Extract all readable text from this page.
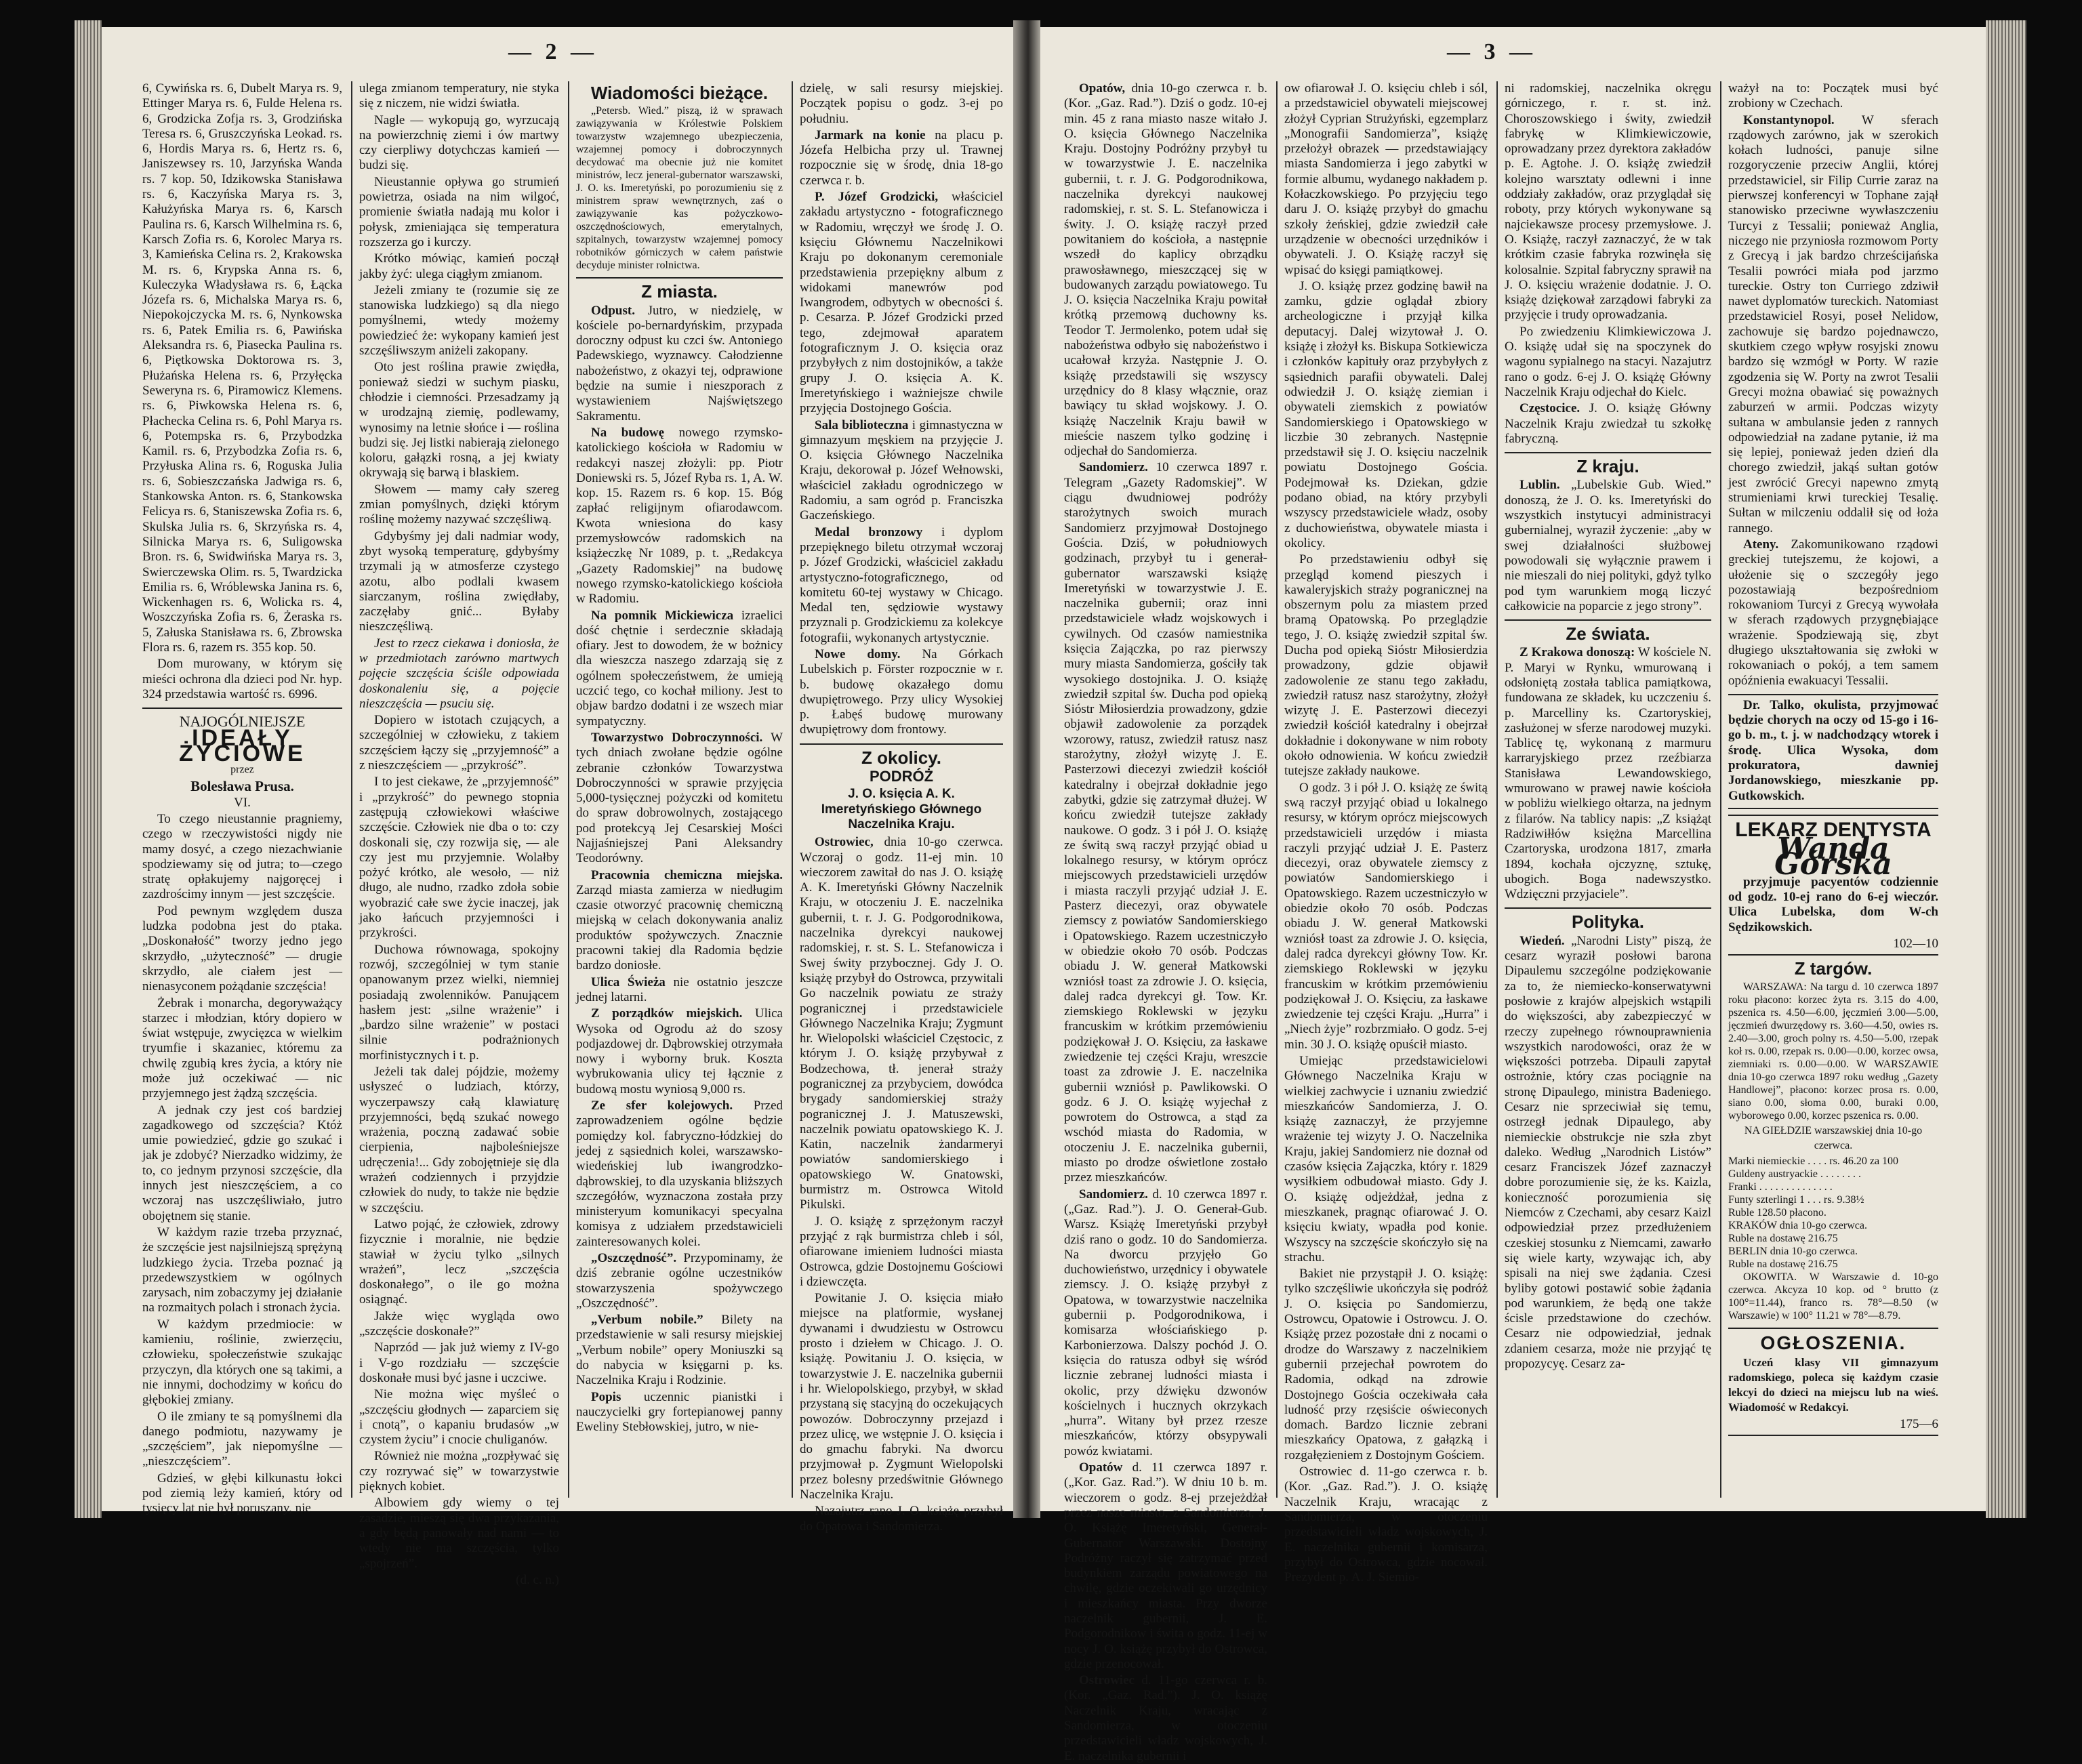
— 2 —

6, Cywińska rs. 6, Dubelt Marya rs. 9, Ettinger Marya rs. 6, Fulde Helena rs. 6, Grodzicka Zofja rs. 3, Grodzińska Teresa rs. 6, Gruszczyńska Leokad. rs. 6, Hordis Marya rs. 6, Hertz rs. 6, Janiszewsey rs. 10, Jarzyńska Wanda rs. 7 kop. 50, Idzikowska Stanisława rs. 6, Kaczyńska Marya rs. 3, Kałużyńska Marya rs. 6, Karsch Paulina rs. 6, Karsch Wilhelmina rs. 6, Karsch Zofia rs. 6, Korolec Marya rs. 3, Kamieńska Celina rs. 2, Krakowska M. rs. 6, Krypska Anna rs. 6, Kuleczyka Władysława rs. 6, Łącka Józefa rs. 6, Michalska Marya rs. 6, Niepokojczycka M. rs. 6, Nynkowska rs. 6, Patek Emilia rs. 6, Pawińska Aleksandra rs. 6, Piasecka Paulina rs. 6, Piętkowska Doktorowa rs. 3, Płużańska Helena rs. 6, Przyłęcka Seweryna rs. 6, Piramowicz Klemens. rs. 6, Piwkowska Helena rs. 6, Płachecka Celina rs. 6, Pohl Marya rs. 6, Potempska rs. 6, Przybodzka Kamil. rs. 6, Przybodzka Zofia rs. 6, Przyłuska Alina rs. 6, Roguska Julia rs. 6, Sobieszczańska Jadwiga rs. 6, Stankowska Anton. rs. 6, Stankowska Felicya rs. 6, Staniszewska Zofia rs. 6, Skulska Julia rs. 6, Skrzyńska rs. 4, Silnicka Marya rs. 6, Suligowska Bron. rs. 6, Swidwińska Marya rs. 3, Swierczewska Olim. rs. 5, Twardzicka Emilia rs. 6, Wróblewska Janina rs. 6, Wickenhagen rs. 6, Wolicka rs. 4, Woszczyńska Zofia rs. 6, Żeraska rs. 5, Załuska Stanisława rs. 6, Zbrowska Flora rs. 6, razem rs. 355 kop. 50.

Dom murowany, w którym się mieści ochrona dla dzieci pod Nr. hyp. 324 przedstawia wartość rs. 6996.

NAJOGÓLNIEJSZE
IDEAŁY ŻYCIOWE
przez
Bolesława Prusa.
VI.

To czego nieustannie pragniemy, czego w rzeczywistości nigdy nie mamy dosyć, a czego niezachwianie spodziewamy się od jutra; to—czego stratę opłakujemy najgoręcej i zazdrościmy innym — jest szczęście.

Pod pewnym względem dusza ludzka podobna jest do ptaka. „Doskonałość” tworzy jedno jego skrzydło, „użyteczność” — drugie skrzydło, ale ciałem jest — nienasyconem pożądanie szczęścia!

Żebrak i monarcha, degoryważący starzec i młodzian, który dopiero w świat wstępuje, zwycięzca w wielkim tryumfie i skazaniec, któremu za chwilę zgubią kres życia, a który nie może już oczekiwać — nic przyjemnego jest żądzą szczęścia.

A jednak czy jest coś bardziej zagadkowego od szczęścia? Któż umie powiedzieć, gdzie go szukać i jak je zdobyć? Nierzadko widzimy, że to, co jednym przynosi szczęście, dla innych jest nieszczęściem, a co wczoraj nas uszczęśliwiało, jutro obojętnem się stanie.

W każdym razie trzeba przyznać, że szczęście jest najsilniejszą sprężyną ludzkiego życia. Trzeba poznać ją przedewszystkiem w ogólnych zarysach, nim zobaczymy jej działanie na rozmaitych polach i stronach życia.

W każdym przedmiocie: w kamieniu, roślinie, zwierzęciu, człowieku, społeczeństwie szukając przyczyn, dla których one są takimi, a nie innymi, dochodzimy w końcu do głębokiej zmiany.

O ile zmiany te są pomyślnemi dla danego podmiotu, nazywamy je „szczęściem”, jak niepomyślne — „nieszczęściem”.

Gdzieś, w głębi kilkunastu łokci pod ziemią leży kamień, który od tysięcy lat nie był poruszany, nie

ulega zmianom temperatury, nie styka się z niczem, nie widzi światła.

Nagle — wykopują go, wyrzucają na powierzchnię ziemi i ów martwy czy cierpliwy dotychczas kamień — budzi się.

Nieustannie opływa go strumień powietrza, osiada na nim wilgoć, promienie światła nadają mu kolor i połysk, zmieniająca się temperatura rozszerza go i kurczy.

Krótko mówiąc, kamień począł jakby żyć: ulega ciągłym zmianom.

Jeżeli zmiany te (rozumie się ze stanowiska ludzkiego) są dla niego pomyślnemi, wtedy możemy powiedzieć że: wykopany kamień jest szczęśliwszym aniżeli zakopany.

Oto jest roślina prawie zwiędła, ponieważ siedzi w suchym piasku, chłodzie i ciemności. Przesadzamy ją w urodzajną ziemię, podlewamy, wynosimy na letnie słońce i — roślina budzi się. Jej listki nabierają zielonego koloru, gałązki rosną, a jej kwiaty okrywają się barwą i blaskiem.

Słowem — mamy cały szereg zmian pomyślnych, dzięki którym roślinę możemy nazywać szczęśliwą.

Gdybyśmy jej dali nadmiar wody, zbyt wysoką temperaturę, gdybyśmy trzymali ją w atmosferze czystego azotu, albo podlali kwasem siarczanym, roślina zwiędłaby, zaczęłaby gnić... Byłaby nieszczęśliwą.

Jest to rzecz ciekawa i doniosła, że w przedmiotach zarówno martwych pojęcie szczęścia ściśle odpowiada doskonaleniu się, a pojęcie nieszczęścia — psuciu się.

Dopiero w istotach czujących, a szczególniej w człowieku, z takiem szczęściem łączy się „przyjemność” a z nieszczęściem — „przykrość”.

I to jest ciekawe, że „przyjemność” i „przykrość” do pewnego stopnia zastępują człowiekowi właściwe szczęście. Człowiek nie dba o to: czy doskonali się, czy rozwija się, — ale czy jest mu przyjemnie. Wolałby pożyć krótko, ale wesoło, — niż długo, ale nudno, rzadko zdoła sobie wyobrazić całe swe życie inaczej, jak jako łańcuch przyjemności i przykrości.

Duchowa równowaga, spokojny rozwój, szczególniej w tym stanie opanowanym przez wielki, niemniej posiadają zwolenników. Panującem hasłem jest: „silne wrażenie” i „bardzo silne wrażenie” w postaci silnie podrażnionych morfinistycznych i t. p.

Jeżeli tak dalej pójdzie, możemy usłyszeć o ludziach, którzy, wyczerpawszy całą klawiaturę przyjemności, będą szukać nowego wrażenia, poczną zadawać sobie cierpienia, najboleśniejsze udręczenia!... Gdy zobojętnieje się dla wrażeń codziennych i przyjdzie człowiek do nudy, to także nie będzie w szczęściu.

Latwo pojąć, że człowiek, zdrowy fizycznie i moralnie, nie będzie stawiał w życiu tylko „silnych wrażeń”, lecz „szczęścia doskonałego”, o ile go można osiągnąć.

Jakże więc wygląda owo „szczęście doskonałe?”

Naprzód — jak już wiemy z IV-go i V-go rozdziału — szczęście doskonałe musi być jasne i uczciwe.

Nie można więc myśleć o „szczęściu głodnych — zaparciem się i cnotą”, o kapaniu brudasów „w czystem życiu” i cnocie chuliganów.

Również nie można „rozpływać się czy rozrywać się” w towarzystwie pięknych kobiet.

Albowiem gdy wiemy o tej zasadzie, mieszą się dwa przykazania, a gdy będą panowały nad nami — to wtedy nie ma szczęścia, tylko „spojrzeń”.

(d. c. n.)

Wiadomości bieżące.

„Petersb. Wied.” piszą, iż w sprawach zawiązywania w Królestwie Polskiem towarzystw wzajemnego ubezpieczenia, wzajemnej pomocy i dobroczynnych decydować ma obecnie już nie komitet ministrów, lecz jeneral-gubernator warszawski, J. O. ks. Imeretyński, po porozumieniu się z ministrem spraw wewnętrznych, zaś o zawiązywanie kas pożyczkowo-oszczędnościowych, emerytalnych, szpitalnych, towarzystw wzajemnej pomocy robotników górniczych w całem państwie decyduje minister rolnictwa.

Z miasta.

Odpust. Jutro, w niedzielę, w kościele po-bernardyńskim, przypada doroczny odpust ku czci św. Antoniego Padewskiego, wyznawcy. Całodzienne nabożeństwo, z okazyi tej, odprawione będzie na sumie i nieszporach z wystawieniem Najświętszego Sakramentu.

Na budowę nowego rzymsko-katolickiego kościoła w Radomiu w redakcyi naszej złożyli: pp. Piotr Doniewski rs. 5, Józef Ryba rs. 1, A. W. kop. 15. Razem rs. 6 kop. 15. Bóg zapłać religijnym ofiarodawcom. Kwota wniesiona do kasy przemysłowców radomskich na książeczkę Nr 1089, p. t. „Redakcya „Gazety Radomskiej” na budowę nowego rzymsko-katolickiego kościoła w Radomiu.

Na pomnik Mickiewicza izraelici dość chętnie i serdecznie składają ofiary. Jest to dowodem, że w bożnicy dla wieszcza naszego zdarzają się z ogólnem społeczeństwem, że umieją uczcić tego, co kochał miliony. Jest to objaw bardzo dodatni i ze wszech miar sympatyczny.

Towarzystwo Dobroczynności. W tych dniach zwołane będzie ogólne zebranie członków Towarzystwa Dobroczynności w sprawie przyjęcia 5,000-tysięcznej pożyczki od komitetu do spraw dobrowolnych, zostającego pod protekcyą Jej Cesarskiej Mości Najjaśniejszej Pani Aleksandry Teodorówny.

Pracownia chemiczna miejska. Zarząd miasta zamierza w niedługim czasie otworzyć pracownię chemiczną miejską w celach dokonywania analiz produktów spożywczych. Znacznie pracowni takiej dla Radomia będzie bardzo doniosłe.

Ulica Świeża nie ostatnio jeszcze jednej latarni.

Z porządków miejskich. Ulica Wysoka od Ogrodu aż do szosy podjazdowej dr. Dąbrowskiej otrzymała nowy i wyborny bruk. Koszta wybrukowania ulicy tej łącznie z budową mostu wyniosą 9,000 rs.

Ze sfer kolejowych. Przed zaprowadzeniem ogólne będzie pomiędzy kol. fabryczno-łódzkiej do jedej z sąsiednich kolei, warszawsko-wiedeńskiej lub iwangrodzko-dąbrowskiej, to dla uzyskania bliższych szczegółów, wyznaczona została przy ministeryum komunikacyi specyalna komisya z udziałem przedstawicieli zainteresowanych kolei.

„Oszczędność”. Przypominamy, że dziś zebranie ogólne uczestników stowarzyszenia spożywczego „Oszczędność”.

„Verbum nobile.” Bilety na przedstawienie w sali resursy miejskiej „Verbum nobile” opery Moniuszki są do nabycia w księgarni p. ks. Naczelnika Kraju i Rodzinie.

Popis uczennic pianistki i nauczycielki gry fortepianowej panny Eweliny Stebłowskiej, jutro, w nie-

dzielę, w sali resursy miejskiej. Początek popisu o godz. 3-ej po południu.

Jarmark na konie na placu p. Józefa Helbicha przy ul. Trawnej rozpocznie się w środę, dnia 18-go czerwca r. b.

P. Józef Grodzicki, właściciel zakładu artystyczno - fotograficznego w Radomiu, wręczył we środę J. O. księciu Głównemu Naczelnikowi Kraju po dokonanym ceremoniale przedstawienia przepiękny album z widokami manewrów pod Iwangrodem, odbytych w obecności ś. p. Cesarza. P. Józef Grodzicki przed tego, zdejmował aparatem fotograficznym J. O. księcia oraz przybyłych z nim dostojników, a także grupy J. O. księcia A. K. Imeretyńskiego i ważniejsze chwile przyjęcia Dostojnego Gościa.

Sala biblioteczna i gimnastyczna w gimnazyum męskiem na przyjęcie J. O. księcia Głównego Naczelnika Kraju, dekorował p. Józef Wełnowski, właściciel zakładu ogrodniczego w Radomiu, a sam ogród p. Franciszka Gaczeńskiego.

Medal bronzowy i dyplom przepięknego biletu otrzymał wczoraj p. Józef Grodzicki, właściciel zakładu artystyczno-fotograficznego, od komitetu 60-tej wystawy w Chicago. Medal ten, sędziowie wystawy przyznali p. Grodzickiemu za kolekcye fotografii, wykonanych artystycznie.

Nowe domy. Na Górkach Lubelskich p. Förster rozpocznie w r. b. budowę okazałego domu dwupiętrowego. Przy ulicy Wysokiej p. Łabęś budowę murowany dwupiętrowy dom frontowy.

Z okolicy.
PODRÓŻ
J. O. księcia A. K. Imeretyńskiego Głównego Naczelnika Kraju.

Ostrowiec, dnia 10-go czerwca. Wczoraj o godz. 11-ej min. 10 wieczorem zawitał do nas J. O. książę A. K. Imeretyński Główny Naczelnik Kraju, w otoczeniu J. E. naczelnika gubernii, t. r. J. G. Podgorodnikowa, naczelnika dyrekcyi naukowej radomskiej, r. st. S. L. Stefanowicza i Swej świty przybocznej. Gdy J. O. książę przybył do Ostrowca, przywitali Go naczelnik powiatu ze straży pogranicznej i przedstawiciele Głównego Naczelnika Kraju; Zygmunt hr. Wielopolski właściciel Częstocic, z którym J. O. książę przybywał z Bodzechowa, tł. jenerał straży pogranicznej za przybyciem, dowódca brygady sandomierskiej straży pogranicznej J. J. Matuszewski, naczelnik powiatu opatowskiego K. J. Katin, naczelnik żandarmeryi powiatów sandomierskiego i opatowskiego W. Gnatowski, burmistrz m. Ostrowca Witold Pikulski.

J. O. książę z sprzężonym raczył przyjąć z rąk burmistrza chleb i sól, ofiarowane imieniem ludności miasta Ostrowca, gdzie Dostojnemu Gościowi i dziewczęta.

Powitanie J. O. księcia miało miejsce na platformie, wysłanej dywanami i dwudziestu w Ostrowcu prosto i dziełem w Chicago. J. O. książę. Powitaniu J. O. księcia, w towarzystwie J. E. naczelnika gubernii i hr. Wielopolskiego, przybył, w skład przystaną się stacyjną do oczekujących powozów. Dobroczynny przejazd i przez ulicę, we wstępnie J. O. księcia i do gmachu fabryki. Na dworcu przyjmował p. Zygmunt Wielopolski przez bolesny przedświtnie Głównego Naczelnika Kraju.

Nazajutrz rano J. O. książę przybył do Opatowa i Sandomierza.

— 3 —

Opatów, dnia 10-go czerwca r. b. (Kor. „Gaz. Rad.”). Dziś o godz. 10-ej min. 45 z rana miasto nasze witało J. O. księcia Głównego Naczelnika Kraju. Dostojny Podróżny przybył tu w towarzystwie J. E. naczelnika gubernii, t. r. J. G. Podgorodnikowa, naczelnika dyrekcyi naukowej radomskiej, r. st. S. L. Stefanowicza i świty. J. O. książę raczył przed powitaniem do kościoła, a następnie wszedł do kaplicy obrządku prawosławnego, mieszczącej się w budowanych zarządu powiatowego. Tu J. O. księcia Naczelnika Kraju powitał krótką przemową duchowny ks. Teodor T. Jermolenko, potem udał się nabożeństwa odbyło się nabożeństwo i ucałował krzyża. Następnie J. O. książę przedstawili się wszyscy urzędnicy do 8 klasy włącznie, oraz bawiący tu skład wojskowy. J. O. książę Naczelnik Kraju bawił w mieście naszem tylko godzinę i odjechał do Sandomierza.

Sandomierz. 10 czerwca 1897 r. Telegram „Gazety Radomskiej”. W ciągu dwudniowej podróży starożytnych swoich murach Sandomierz przyjmował Dostojnego Gościa. Dziś, w południowych godzinach, przybył tu i generał-gubernator warszawski książę Imeretyński w towarzystwie J. E. naczelnika gubernii; oraz inni przedstawiciele władz wojskowych i cywilnych. Od czasów namiestnika księcia Zajączka, po raz pierwszy mury miasta Sandomierza, gościły tak wysokiego dostojnika. J. O. książę zwiedził szpital św. Ducha pod opieką Sióstr Miłosierdzia prowadzony, gdzie objawił zadowolenie za porządek wzorowy, ratusz, zwiedził ratusz nasz starożytny, złożył wizytę J. E. Pasterzowi diecezyi zwiedził kościół katedralny i obejrzał dokładnie jego zabytki, gdzie się zatrzymał dłużej. W końcu zwiedził tutejsze zakłady naukowe. O godz. 3 i pół J. O. książę ze świtą swą raczył przyjąć obiad u lokalnego resursy, w którym oprócz miejscowych przedstawicieli urzędów i miasta raczyli przyjąć udział J. E. Pasterz diecezyi, oraz obywatele ziemscy z powiatów Sandomierskiego i Opatowskiego. Razem uczestniczyło w obiedzie około 70 osób. Podczas obiadu J. W. generał Matkowski wzniósł toast za zdrowie J. O. księcia, dalej radca dyrekcyi gł. Tow. Kr. ziemskiego Roklewski w języku francuskim w krótkim przemówieniu podziękował J. O. Księciu, za łaskawe zwiedzenie tej części Kraju, wreszcie toast za zdrowie J. E. naczelnika gubernii wzniósł p. Pawlikowski. O godz. 6 J. O. książę wyjechał z powrotem do Ostrowca, a stąd za wschód miasta do Radomia, w otoczeniu J. E. naczelnika gubernii, miasto po drodze oświetlone zostało przez mieszkańców.

Sandomierz. d. 10 czerwca 1897 r. („Gaz. Rad.”). J. O. Generał-Gub. Warsz. Książę Imeretyński przybył dziś rano o godz. 10 do Sandomierza. Na dworcu przyjęło Go duchowieństwo, urzędnicy i obywatele ziemscy. J. O. książę przybył z Opatowa, w towarzystwie naczelnika gubernii p. Podgorodnikowa, i komisarza włościańskiego p. Karbonierzowa. Dalszy pochód J. O. księcia do ratusza odbył się wśród licznie zebranej ludności miasta i okolic, przy dźwięku dzwonów kościelnych i hucznych okrzykach „hurra”. Witany był przez rzesze mieszkańców, którzy obsypywali powóz kwiatami.

Opatów d. 11 czerwca 1897 r. („Kor. Gaz. Rad.”). W dniu 10 b. m. wieczorem o godz. 8-ej przejeżdżał przez nasze miasto, z Sandomierza, J. O. Książę Imeretyński, Generał-Gubernator Warszawski. Dostojny Podróżny raczył się zatrzymać przed budynkiem zarządu powiatowego na chwilę, gdzie oczekiwali go urzędnicy i mieszkańcy miasta. Przy dworze naczelnik gubernii, J. E. Podgorodnikow i świta o godz. 11-ej w nocy J. O. książę przybył do Ostrowca, gdzie przenocował.

Ostrowiec d. 11-go czerwca r. b. (Kor. „Gaz. Rad.”). J. O. książę Naczelnik Kraju, wracając z Sandomierza, w otoczeniu przedstawicieli władz wojskowych, J. E. naczelnika gubernii i

ow ofiarował J. O. księciu chleb i sól, a przedstawiciel obywateli miejscowej złożył Cyprian Strużyński, egzemplarz „Monografii Sandomierza”, książę przełożył obrazek — przedstawiający miasta Sandomierza i jego zabytki w formie albumu, wydanego nakładem p. Kołaczkowskiego. Po przyjęciu tego daru J. O. książę przybył do gmachu szkoły żeńskiej, gdzie zwiedził całe urządzenie w obecności urzędników i obywateli. J. O. Książę raczył się wpisać do księgi pamiątkowej.

J. O. książę przez godzinę bawił na zamku, gdzie oglądał zbiory archeologiczne i przyjął kilka deputacyj. Dalej wizytował J. O. książę i złożył ks. Biskupa Sotkiewicza i członków kapituły oraz przybyłych z sąsiednich parafii obywateli. Dalej odwiedził J. O. książę ziemian i obywateli ziemskich z powiatów Sandomierskiego i Opatowskiego w liczbie 30 zebranych. Następnie przedstawił się J. O. księciu naczelnik powiatu Dostojnego Gościa. Podejmował ks. Dziekan, gdzie podano obiad, na który przybyli wszyscy przedstawiciele władz, osoby z duchowieństwa, obywatele miasta i okolicy.

Po przedstawieniu odbył się przegląd komend pieszych i kawaleryjskich straży pogranicznej na obszernym polu za miastem przed bramą Opatowską. Po przeglądzie tego, J. O. książę zwiedził szpital św. Ducha pod opieką Sióstr Miłosierdzia prowadzony, gdzie objawił zadowolenie ze stanu tego zakładu, zwiedził ratusz nasz starożytny, złożył wizytę J. E. Pasterzowi diecezyi zwiedził kościół katedralny i obejrzał dokładnie i dokonywane w nim roboty około odnowienia. W końcu zwiedził tutejsze zakłady naukowe.

O godz. 3 i pół J. O. książę ze świtą swą raczył przyjąć obiad u lokalnego resursy, w którym oprócz miejscowych przedstawicieli urzędów i miasta raczyli przyjąć udział J. E. Pasterz diecezyi, oraz obywatele ziemscy z powiatów Sandomierskiego i Opatowskiego. Razem uczestniczyło w obiedzie około 70 osób. Podczas obiadu J. W. generał Matkowski wzniósł toast za zdrowie J. O. księcia, dalej radca dyrekcyi główny Tow. Kr. ziemskiego Roklewski w języku francuskim w krótkim przemówieniu podziękował J. O. Księciu, za łaskawe zwiedzenie tej części Kraju. „Hurra” i „Niech żyje” rozbrzmiało. O godz. 5-ej min. 30 J. O. książę opuścił miasto.

Umiejąc przedstawicielowi Głównego Naczelnika Kraju w wielkiej zachwycie i uznaniu zwiedzić mieszkańców Sandomierza, J. O. książę zaznaczył, że przyjemne wrażenie tej wizyty J. O. Naczelnika Kraju, jakiej Sandomierz nie doznał od czasów księcia Zajączka, który r. 1829 wysiłkiem odbudował miasto. Gdy J. O. książę odjeżdżał, jedna z mieszkanek, pragnąc ofiarować J. O. księciu kwiaty, wpadła pod konie. Wszyscy na szczęście skończyło się na strachu.

Bakiet nie przystąpił J. O. książę: tylko szczęśliwie ukończyła się podróż J. O. księcia po Sandomierzu, Ostrowcu, Opatowie i Ostrowcu. J. O. Książę przez pozostałe dni z nocami o drodze do Warszawy z naczelnikiem gubernii przejechał powrotem do Radomia, odkąd na zdrowie Dostojnego Gościa oczekiwała cała ludność przy rzęsiście oświeconych domach. Bardzo licznie zebrani mieszkańcy Opatowa, z gałązką i rozgałęzieniem z Dostojnym Gościem.

Ostrowiec d. 11-go czerwca r. b. (Kor. „Gaz. Rad.”). J. O. książę Naczelnik Kraju, wracając z Sandomierza, w otoczeniu przedstawicieli władz wojskowych, J. E. naczelnika gubernii i komisarza, przybył do Ostrowca, gdzie nocował. Prezydent p. A. J. Siemio-

ni radomskiej, naczelnika okręgu górniczego, r. r. st. inż. Choroszowskiego i świty, zwiedził fabrykę w Klimkiewiczowie, oprowadzany przez dyrektora zakładów p. E. Agtohe. J. O. książę zwiedził kolejno warsztaty odlewni i inne oddziały zakładów, oraz przyglądał się roboty, przy których wykonywane są najciekawsze procesy przemysłowe. J. O. Książę, raczył zaznaczyć, że w tak krótkim czasie fabryka rozwinęła się kolosalnie. Szpital fabryczny sprawił na J. O. księciu wrażenie dodatnie. J. O. książę dziękował zarządowi fabryki za przyjęcie i trudy oprowadzania.

Po zwiedzeniu Klimkiewiczowa J. O. książę udał się na spoczynek do wagonu sypialnego na stacyi. Nazajutrz rano o godz. 6-ej J. O. książę Główny Naczelnik Kraju odjechał do Kielc.

Częstocice. J. O. książę Główny Naczelnik Kraju zwiedzał tu szkołkę fabryczną.

Z kraju.

Lublin. „Lubelskie Gub. Wied.” donoszą, że J. O. ks. Imeretyński do wszystkich instytucyi administracyi gubernialnej, wyraził życzenie: „aby w swej działalności służbowej powodowali się wyłącznie prawem i nie mieszali do niej polityki, gdyż tylko pod tym warunkiem mogą liczyć całkowicie na poparcie z jego strony”.

Ze świata.

Z Krakowa donoszą: W kościele N. P. Maryi w Rynku, wmurowaną i odsłoniętą została tablica pamiątkowa, fundowana ze składek, ku uczczeniu ś. p. Marcelliny ks. Czartoryskiej, zasłużonej w sferze narodowej muzyki. Tablicę tę, wykonaną z marmuru karraryjskiego przez rzeźbiarza Stanisława Lewandowskiego, wmurowano w prawej nawie kościoła w pobliżu wielkiego ołtarza, na jednym z filarów. Na tablicy napis: „Z książąt Radziwiłłów księżna Marcellina Czartoryska, urodzona 1817, zmarła 1894, kochała ojczyznę, sztukę, ubogich. Boga nadewszystko. Wdzięczni przyjaciele”.

Polityka.

Wiedeń. „Narodni Listy” piszą, że cesarz wyraził posłowi barona Dipaulemu szczególne podziękowanie za to, że niemiecko-konserwatywni posłowie z krajów alpejskich wstąpili do większości, aby zabezpieczyć w rzeczy zupełnego równouprawnienia wszystkich narodowości, oraz że w większości potrzeba. Dipauli zapytał ostrożnie, który czas pociągnie na stronę Dipaulego, ministra Badeniego. Cesarz nie sprzeciwiał się temu, ostrzegł jednak Dipaulego, aby niemieckie obstrukcje nie szła zbyt daleko. Według „Narodnich Listów” cesarz Franciszek Józef zaznaczył dobre porozumienie się, że ks. Kaizla, konieczność porozumienia się Niemców z Czechami, aby cesarz Kaizl odpowiedział przez przedłużeniem czeskiej stosunku z Niemcami, zawarło się wiele karty, wzywając ich, aby spisali na niej swe żądania. Czesi byliby gotowi postawić sobie żądania pod warunkiem, że będą one także ścisle przedstawione do czechów. Cesarz nie odpowiedział, jednak zdaniem cesarza, może nie przyjąć tę propozycyę. Cesarz za-

ważył na to: Początek musi być zrobiony w Czechach.

Konstantynopol. W sferach rządowych zarówno, jak w szerokich kołach ludności, panuje silne rozgoryczenie przeciw Anglii, której przedstawiciel, sir Filip Currie zaraz na pierwszej konferencyi w Tophane zajął stanowisko przeciwne wywłaszczeniu Turcyi z Tessalii; ponieważ Anglia, niczego nie przyniosła rozmowom Porty z Grecyą i jak bardzo chrześcijańska Tesalii powróci miała pod jarzmo tureckie. Ostry ton Curriego zdziwił nawet dyplomatów tureckich. Natomiast przedstawiciel Rosyi, poseł Nelidow, zachowuje się bardzo pojednawczo, skutkiem czego wpływ rosyjski znowu bardzo się wzmógł w Porty. W razie zgodzenia się W. Porty na zwrot Tesalii Grecyi można obawiać się poważnych zaburzeń w armii. Podczas wizyty sułtana w ambulansie jeden z rannych odpowiedział na zadane pytanie, iż ma się lepiej, ponieważ jeden dzień dla chorego zwiedził, jakąś sułtan gotów jest zwrócić Grecyi napewno zmytą strumieniami krwi tureckiej Tesalię. Sułtan w milczeniu oddalił się od łoża rannego.

Ateny. Zakomunikowano rządowi greckiej tutejszemu, że kojowi, a ułożenie się o szczegóły jego pozostawiają bezpośredniom rokowaniom Turcyi z Grecyą wywołała w sferach rządowych przygnębiające wrażenie. Spodziewają się, zbyt długiego ukształtowania się zwłoki w rokowaniach o pokój, a tem samem opóźnienia ewakuacyi Tessalii.

Dr. Talko, okulista, przyjmować będzie chorych na oczy od 15-go i 16-go b. m., t. j. w nadchodzący wtorek i środę. Ulica Wysoka, dom prokuratora, dawniej Jordanowskiego, mieszkanie pp. Gutkowskich.

LEKARZ DENTYSTA
Wanda Górska

przyjmuje pacyentów codziennie od godz. 10-ej rano do 6-ej wieczór. Ulica Lubelska, dom W-ch Sędzikowskich.

102—10
Z targów.

WARSZAWA: Na targu d. 10 czerwca 1897 roku płacono: korzec żyta rs. 3.15 do 4.00, pszenica rs. 4.50—6.00, jęczmień 3.00—5.00, jęczmień dwurzędowy rs. 3.60—4.50, owies rs. 2.40—3.00, groch polny rs. 4.50—5.00, rzepak koł rs. 0.00, rzepak rs. 0.00—0.00, korzec owsa, ziemniaki rs. 0.00—0.00. W WARSZAWIE dnia 10-go czerwca 1897 roku według „Gazety Handlowej”, płacono: korzec prosa rs. 0.00, siano 0.00, słoma 0.00, buraki 0.00, wyborowego 0.00, korzec pszenica rs. 0.00.

NA GIEŁDZIE warszawskiej dnia 10-go czerwca.
Marki niemieckie . . . . rs. 46.20 za 100
Guldeny austryackie . . . . . . . .
Franki . . . . . . . . . . . . . .
Funty szterlingi 1 . . . rs. 9.38½
Ruble 128.50 płacono.
KRAKÓW dnia 10-go czerwca.
Ruble na dostawę 216.75
BERLIN dnia 10-go czerwca.
Ruble na dostawę 216.75

OKOWITA. W Warszawie d. 10-go czerwca. Akcyza 10 kop. od ° brutto (z 100°=11.44), franco rs. 78°—8.50 (w Warszawie) w 100° 11.21 w 78°—8.79.

OGŁOSZENIA.

Uczeń klasy VII gimnazyum radomskiego, poleca się każdym czasie lekcyi do dzieci na miejscu lub na wieś. Wiadomość w Redakcyi.

175—6
